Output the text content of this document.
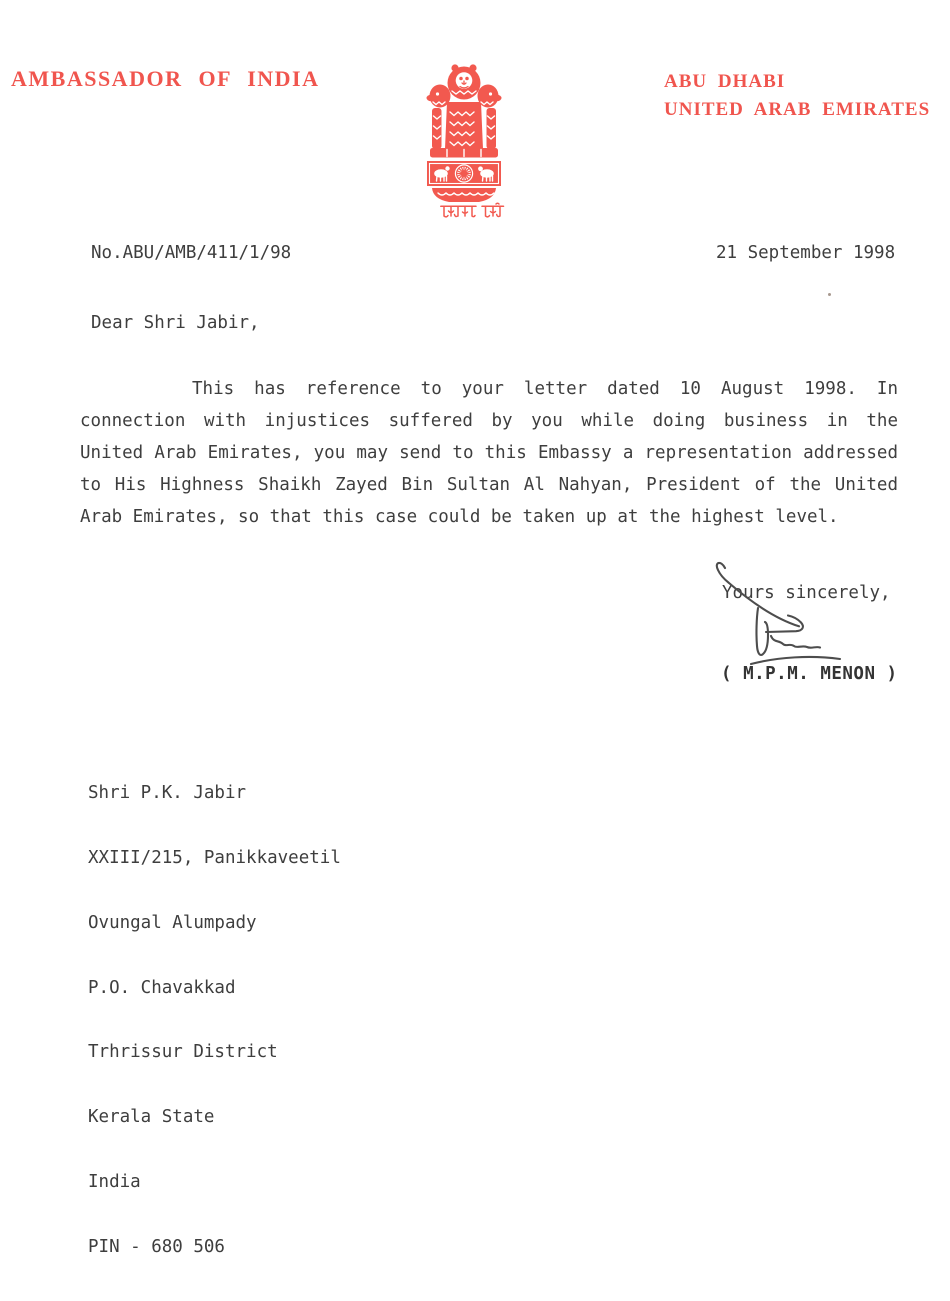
AMBASSADOR OF INDIA	ABU DHABI
UNITED ARAB EMIRATES
No.ABU/AMB/411/1/98	21 September 1998
Dear Shri Jabir,
This has reference to your letter dated 10 August 1998. In
connection with injustices suffered by you while doing business in the
United Arab Emirates, you may send to this Embassy a representation addressed
to His Highness Shaikh Zayed Bin Sultan Al Nahyan, President of the United
Arab Emirates, so that this case could be taken up at the highest level.
Yours sincerely,
( M.P.M. MENON )

Shri P.K. Jabir

XXIII/215, Panikkaveetil

Ovungal Alumpady

P.O. Chavakkad

Trhrissur District

Kerala State

India

PIN - 680 506
